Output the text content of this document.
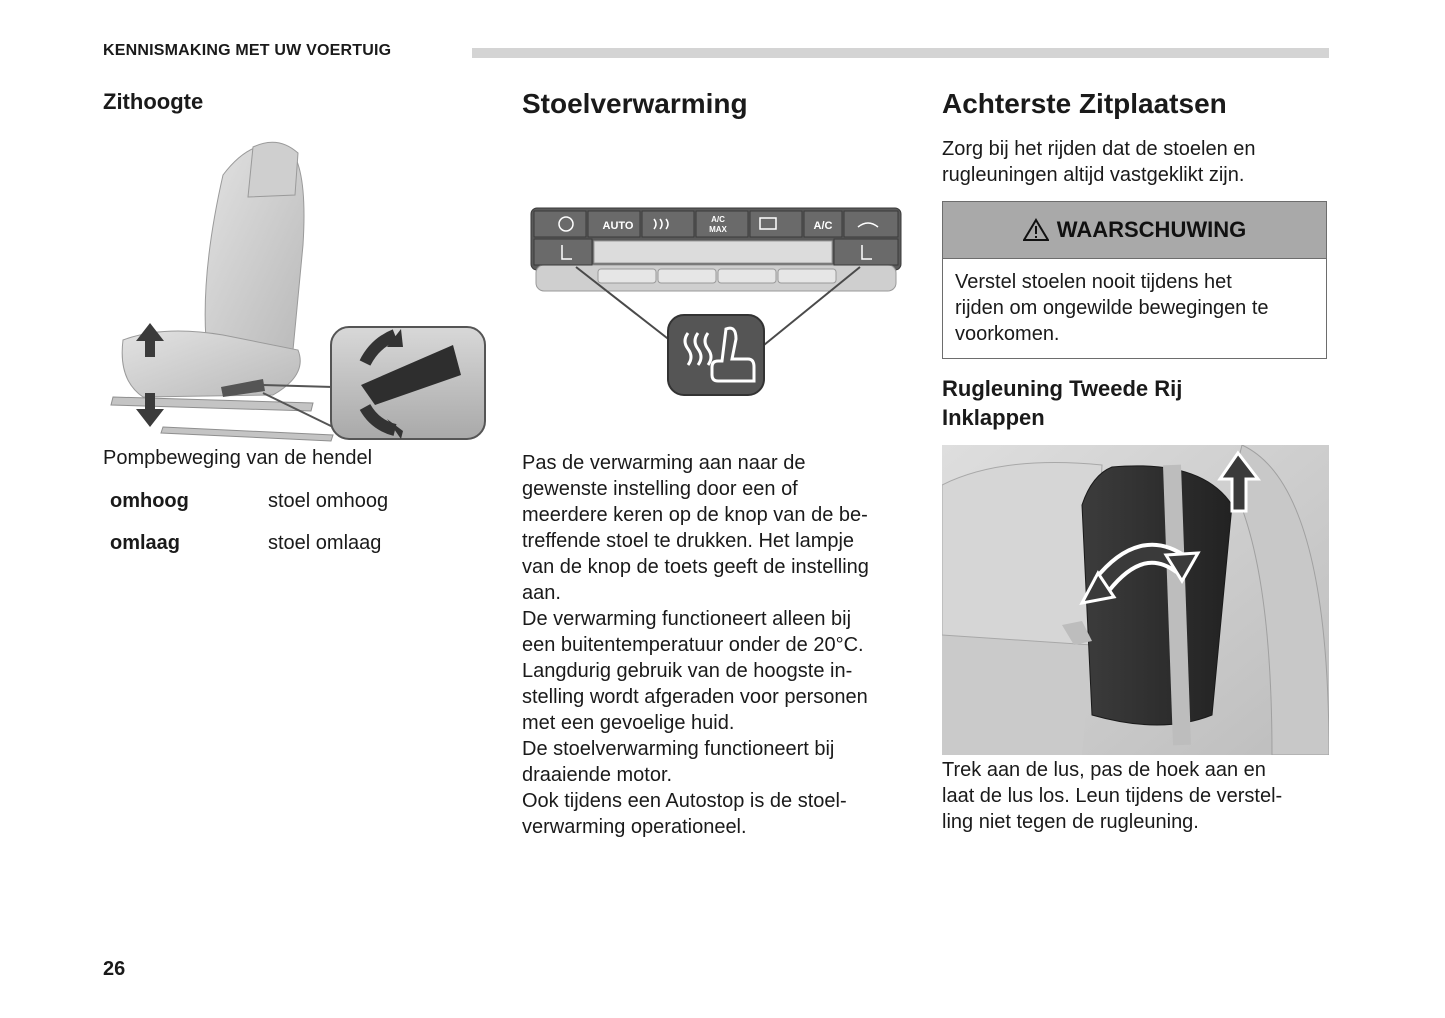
KENNISMAKING MET UW VOERTUIG
Zithoogte
Pompbeweging van de hendel
omhoog	stoel omhoog
omlaag	stoel omlaag
Stoelverwarming
AUTO
A/C
MAX	A/C
Pas de verwarming aan naar de
gewenste instelling door een of
meerdere keren op de knop van de be-
treffende stoel te drukken. Het lampje
van de knop de toets geeft de instelling
aan.
De verwarming functioneert alleen bij
een buitentemperatuur onder de 20°C.
Langdurig gebruik van de hoogste in-
stelling wordt afgeraden voor personen
met een gevoelige huid.
De stoelverwarming functioneert bij
draaiende motor.
Ook tijdens een Autostop is de stoel-
verwarming operationeel.
Achterste Zitplaatsen
Zorg bij het rijden dat de stoelen en
rugleuningen altijd vastgeklikt zijn.
WAARSCHUWING
Verstel stoelen nooit tijdens het
rijden om ongewilde bewegingen te
voorkomen.
Rugleuning Tweede Rij
Inklappen
Trek aan de lus, pas de hoek aan en
laat de lus los. Leun tijdens de verstel-
ling niet tegen de rugleuning.
26
